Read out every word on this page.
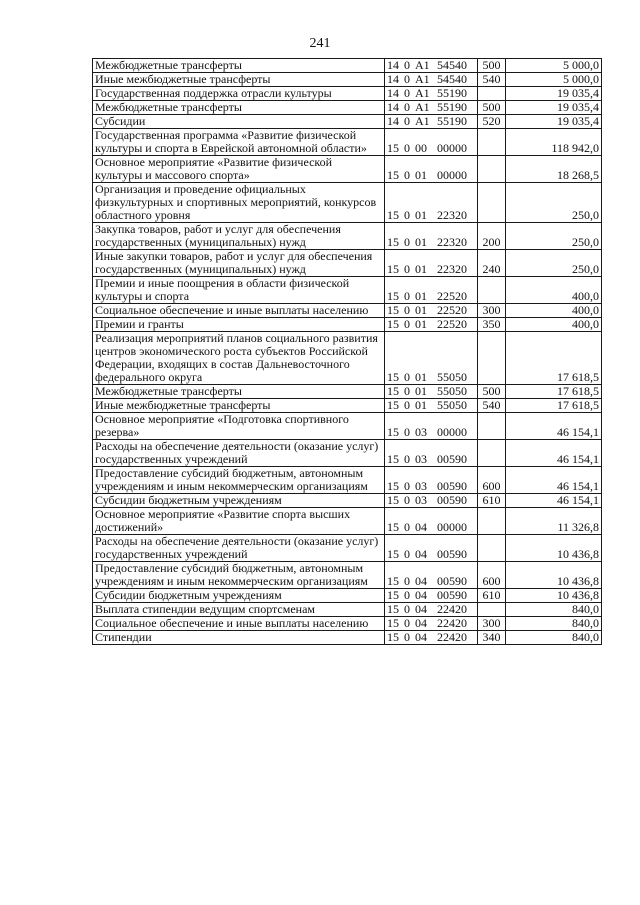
241
Межбюджетные трансферты	14 0 А1 54540	500	5 000,0
Иные межбюджетные трансферты	14 0 А1 54540	540	5 000,0
Государственная поддержка отрасли культуры	14 0 А1 55190		19 035,4
Межбюджетные трансферты	14 0 А1 55190	500	19 035,4
Субсидии	14 0 А1 55190	520	19 035,4
Государственная программа «Развитие физической культуры и спорта в Еврейской автономной области»	15 0 00 00000		118 942,0
Основное мероприятие «Развитие физической культуры и массового спорта»	15 0 01 00000		18 268,5
Организация и проведение официальных физкультурных и спортивных мероприятий, конкурсов областного уровня	15 0 01 22320		250,0
Закупка товаров, работ и услуг для обеспечения государственных (муниципальных) нужд	15 0 01 22320	200	250,0
Иные закупки товаров, работ и услуг для обеспечения государственных (муниципальных) нужд	15 0 01 22320	240	250,0
Премии и иные поощрения в области физической культуры и спорта	15 0 01 22520		400,0
Социальное обеспечение и иные выплаты населению	15 0 01 22520	300	400,0
Премии и гранты	15 0 01 22520	350	400,0
Реализация мероприятий планов социального развития центров экономического роста субъектов Российской Федерации, входящих в состав Дальневосточного федерального округа	15 0 01 55050		17 618,5
Межбюджетные трансферты	15 0 01 55050	500	17 618,5
Иные межбюджетные трансферты	15 0 01 55050	540	17 618,5
Основное мероприятие «Подготовка спортивного резерва»	15 0 03 00000		46 154,1
Расходы на обеспечение деятельности (оказание услуг) государственных учреждений	15 0 03 00590		46 154,1
Предоставление субсидий бюджетным, автономным учреждениям и иным некоммерческим организациям	15 0 03 00590	600	46 154,1
Субсидии бюджетным учреждениям	15 0 03 00590	610	46 154,1
Основное мероприятие «Развитие спорта высших достижений»	15 0 04 00000		11 326,8
Расходы на обеспечение деятельности (оказание услуг) государственных учреждений	15 0 04 00590		10 436,8
Предоставление субсидий бюджетным, автономным учреждениям и иным некоммерческим организациям	15 0 04 00590	600	10 436,8
Субсидии бюджетным учреждениям	15 0 04 00590	610	10 436,8
Выплата стипендии ведущим спортсменам	15 0 04 22420		840,0
Социальное обеспечение и иные выплаты населению	15 0 04 22420	300	840,0
Стипендии	15 0 04 22420	340	840,0
